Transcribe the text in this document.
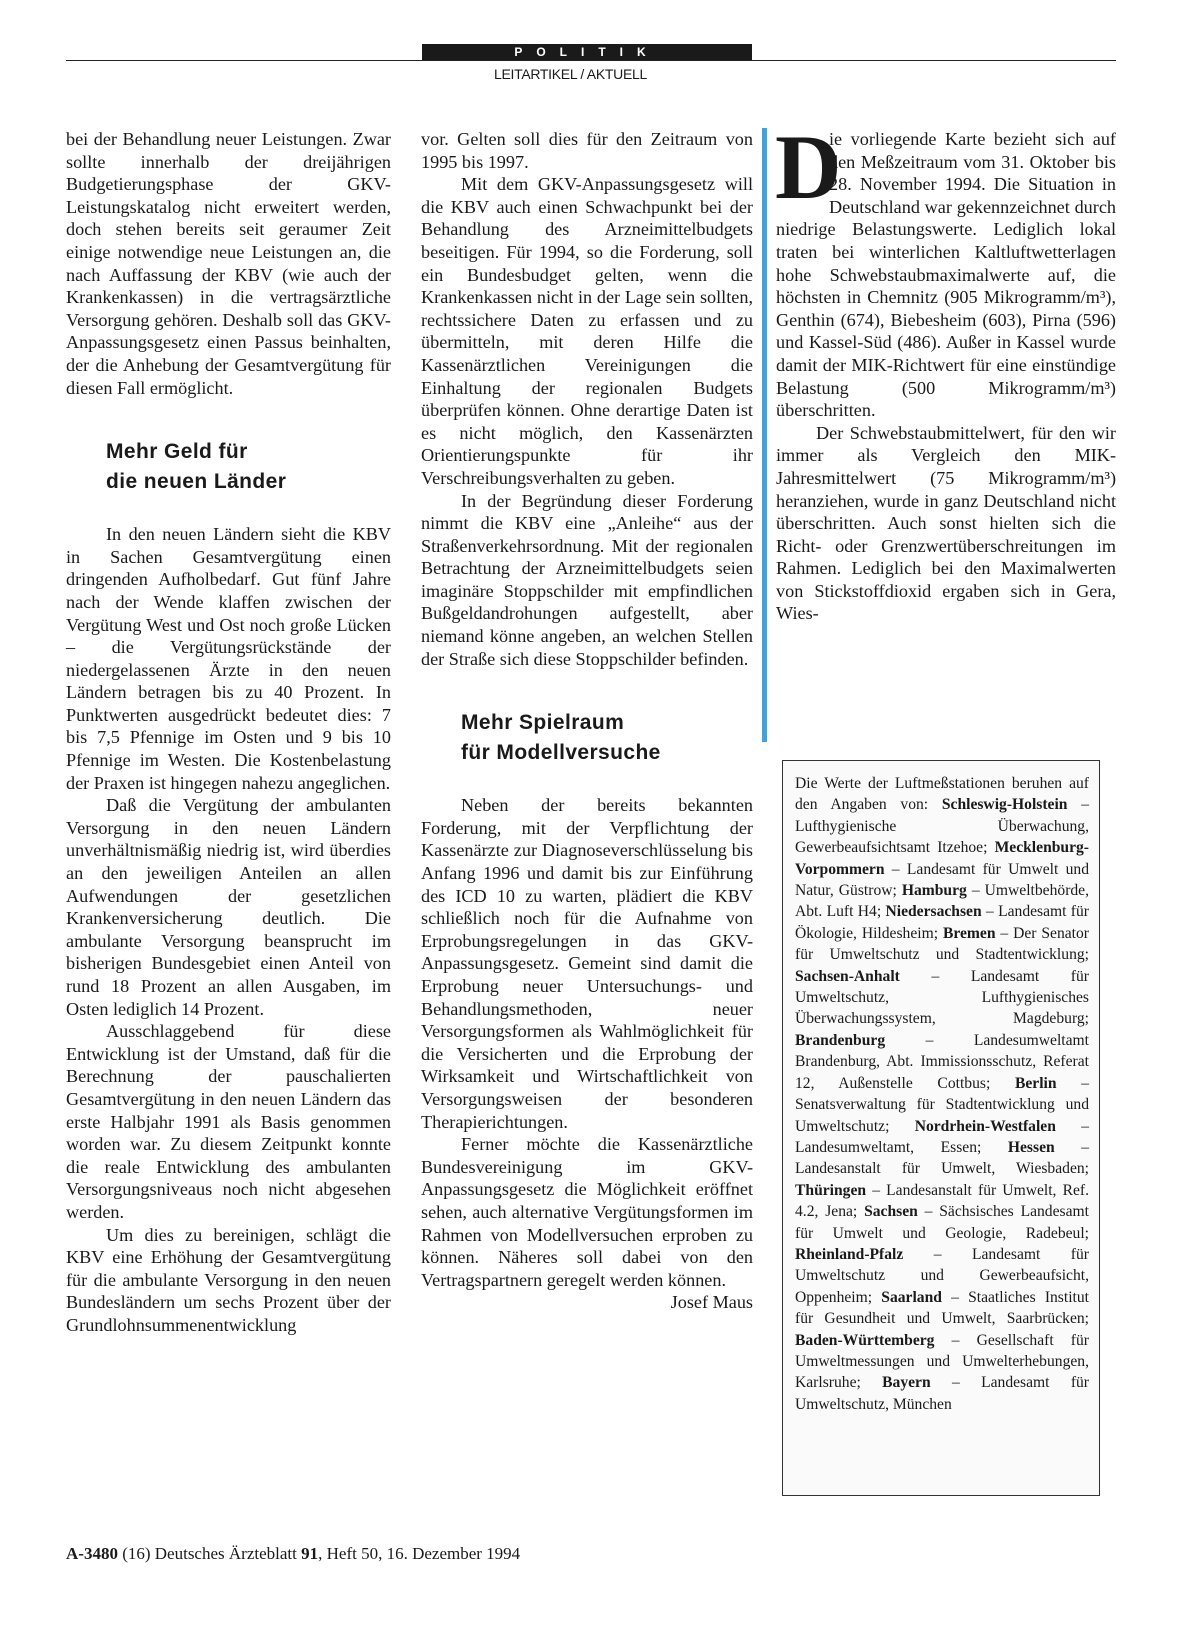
POLITIK
LEITARTIKEL / AKTUELL

bei der Behandlung neuer Leistungen. Zwar sollte innerhalb der dreijährigen Budgetierungsphase der GKV-Leistungskatalog nicht erweitert werden, doch stehen bereits seit geraumer Zeit einige notwendige neue Leistungen an, die nach Auffassung der KBV (wie auch der Krankenkassen) in die vertragsärztliche Versorgung gehören. Deshalb soll das GKV-Anpassungsgesetz einen Passus beinhalten, der die Anhebung der Gesamtvergütung für diesen Fall ermöglicht.

Mehr Geld für
die neuen Länder

In den neuen Ländern sieht die KBV in Sachen Gesamtvergütung einen dringenden Aufholbedarf. Gut fünf Jahre nach der Wende klaffen zwischen der Vergütung West und Ost noch große Lücken – die Vergütungsrückstände der niedergelassenen Ärzte in den neuen Ländern betragen bis zu 40 Prozent. In Punktwerten ausgedrückt bedeutet dies: 7 bis 7,5 Pfennige im Osten und 9 bis 10 Pfennige im Westen. Die Kostenbelastung der Praxen ist hingegen nahezu angeglichen.

Daß die Vergütung der ambulanten Versorgung in den neuen Ländern unverhältnismäßig niedrig ist, wird überdies an den jeweiligen Anteilen an allen Aufwendungen der gesetzlichen Krankenversicherung deutlich. Die ambulante Versorgung beansprucht im bisherigen Bundesgebiet einen Anteil von rund 18 Prozent an allen Ausgaben, im Osten lediglich 14 Prozent.

Ausschlaggebend für diese Entwicklung ist der Umstand, daß für die Berechnung der pauschalierten Gesamtvergütung in den neuen Ländern das erste Halbjahr 1991 als Basis genommen worden war. Zu diesem Zeitpunkt konnte die reale Entwicklung des ambulanten Versorgungsniveaus noch nicht abgesehen werden.

Um dies zu bereinigen, schlägt die KBV eine Erhöhung der Gesamtvergütung für die ambulante Versorgung in den neuen Bundesländern um sechs Prozent über der Grundlohnsummenentwicklung

vor. Gelten soll dies für den Zeitraum von 1995 bis 1997.

Mit dem GKV-Anpassungsgesetz will die KBV auch einen Schwachpunkt bei der Behandlung des Arzneimittelbudgets beseitigen. Für 1994, so die Forderung, soll ein Bundesbudget gelten, wenn die Krankenkassen nicht in der Lage sein sollten, rechtssichere Daten zu erfassen und zu übermitteln, mit deren Hilfe die Kassenärztlichen Vereinigungen die Einhaltung der regionalen Budgets überprüfen können. Ohne derartige Daten ist es nicht möglich, den Kassenärzten Orientierungspunkte für ihr Verschreibungsverhalten zu geben.

In der Begründung dieser Forderung nimmt die KBV eine „Anleihe“ aus der Straßenverkehrsordnung. Mit der regionalen Betrachtung der Arzneimittelbudgets seien imaginäre Stoppschilder mit empfindlichen Bußgeldandrohungen aufgestellt, aber niemand könne angeben, an welchen Stellen der Straße sich diese Stoppschilder befinden.

Mehr Spielraum
für Modellversuche

Neben der bereits bekannten Forderung, mit der Verpflichtung der Kassenärzte zur Diagnoseverschlüsselung bis Anfang 1996 und damit bis zur Einführung des ICD 10 zu warten, plädiert die KBV schließlich noch für die Aufnahme von Erprobungsregelungen in das GKV-Anpassungsgesetz. Gemeint sind damit die Erprobung neuer Untersuchungs- und Behandlungsmethoden, neuer Versorgungsformen als Wahlmöglichkeit für die Versicherten und die Erprobung der Wirksamkeit und Wirtschaftlichkeit von Versorgungsweisen der besonderen Therapierichtungen.

Ferner möchte die Kassenärztliche Bundesvereinigung im GKV-Anpassungsgesetz die Möglichkeit eröffnet sehen, auch alternative Vergütungsformen im Rahmen von Modellversuchen erproben zu können. Näheres soll dabei von den Vertragspartnern geregelt werden können.
Josef Maus

D
ie vorliegende Karte bezieht sich auf den Meßzeitraum vom 31. Oktober bis 28. November 1994. Die Situation in Deutschland war gekennzeichnet durch niedrige Belastungswerte. Lediglich lokal traten bei winterlichen Kaltluftwetterlagen hohe Schwebstaubmaximalwerte auf, die höchsten in Chemnitz (905 Mikrogramm/m³), Genthin (674), Biebesheim (603), Pirna (596) und Kassel-Süd (486). Außer in Kassel wurde damit der MIK-Richtwert für eine einstündige Belastung (500 Mikrogramm/m³) überschritten.

Der Schwebstaubmittelwert, für den wir immer als Vergleich den MIK-Jahresmittelwert (75 Mikrogramm/m³) heranziehen, wurde in ganz Deutschland nicht überschritten. Auch sonst hielten sich die Richt- oder Grenzwertüberschreitungen im Rahmen. Lediglich bei den Maximalwerten von Stickstoffdioxid ergaben sich in Gera, Wies-

Die Werte der Luftmeßstationen beruhen auf den Angaben von: Schleswig-Holstein – Lufthygienische Überwachung, Gewerbeaufsichtsamt Itzehoe; Mecklenburg-Vorpommern – Landesamt für Umwelt und Natur, Güstrow; Hamburg – Umweltbehörde, Abt. Luft H4; Niedersachsen – Landesamt für Ökologie, Hildesheim; Bremen – Der Senator für Umweltschutz und Stadtentwicklung; Sachsen-Anhalt – Landesamt für Umweltschutz, Lufthygienisches Überwachungssystem, Magdeburg; Brandenburg – Landesumweltamt Brandenburg, Abt. Immissionsschutz, Referat 12, Außenstelle Cottbus; Berlin – Senatsverwaltung für Stadtentwicklung und Umweltschutz; Nordrhein-Westfalen – Landesumweltamt, Essen; Hessen – Landesanstalt für Umwelt, Wiesbaden; Thüringen – Landesanstalt für Umwelt, Ref. 4.2, Jena; Sachsen – Sächsisches Landesamt für Umwelt und Geologie, Radebeul; Rheinland-Pfalz – Landesamt für Umweltschutz und Gewerbeaufsicht, Oppenheim; Saarland – Staatliches Institut für Gesundheit und Umwelt, Saarbrücken; Baden-Württemberg – Gesellschaft für Umweltmessungen und Umwelterhebungen, Karlsruhe; Bayern – Landesamt für Umweltschutz, München
A-3480 (16) Deutsches Ärzteblatt 91, Heft 50, 16. Dezember 1994
